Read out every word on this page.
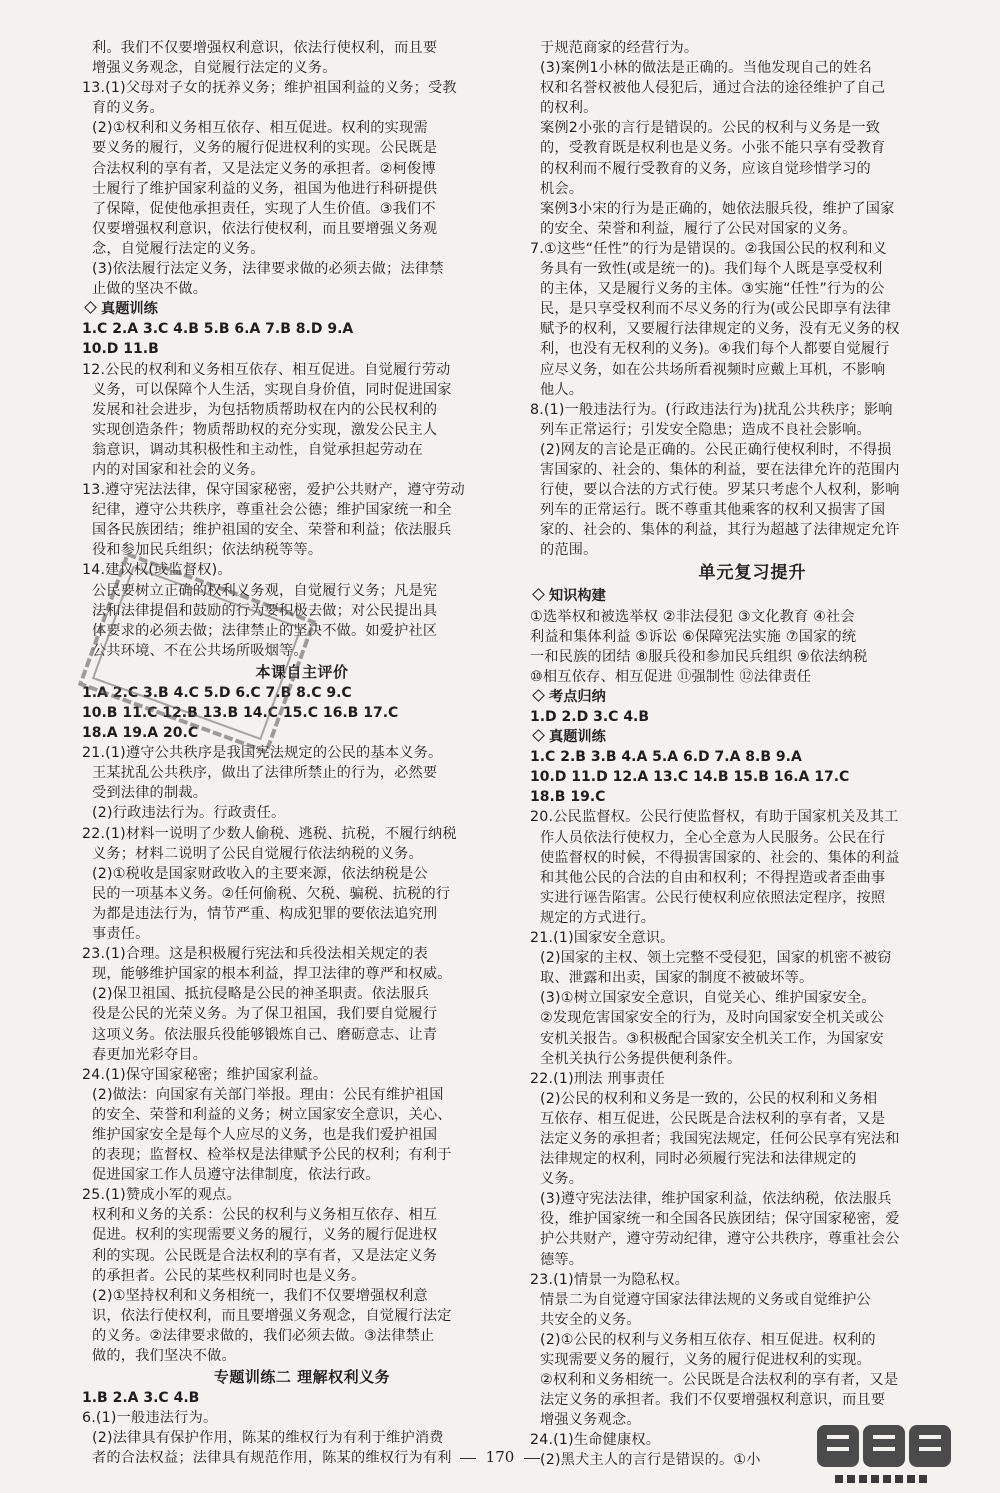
利。我们不仅要增强权利意识，依法行使权利，而且要
增强义务观念，自觉履行法定的义务。
13.(1)父母对子女的抚养义务；维护祖国利益的义务；受教
育的义务。
(2)①权利和义务相互依存、相互促进。权利的实现需
要义务的履行，义务的履行促进权利的实现。公民既是
合法权利的享有者，又是法定义务的承担者。②柯俊博
士履行了维护国家利益的义务，祖国为他进行科研提供
了保障，促使他承担责任，实现了人生价值。③我们不
仅要增强权利意识，依法行使权利，而且要增强义务观
念，自觉履行法定的义务。
(3)依法履行法定义务，法律要求做的必须去做；法律禁
止做的坚决不做。
真题训练
1.C 2.A 3.C 4.B 5.B 6.A 7.B 8.D 9.A
10.D 11.B
12.公民的权利和义务相互依存、相互促进。自觉履行劳动
义务，可以保障个人生活，实现自身价值，同时促进国家
发展和社会进步，为包括物质帮助权在内的公民权利的
实现创造条件；物质帮助权的充分实现，激发公民主人
翁意识，调动其积极性和主动性，自觉承担起劳动在
内的对国家和社会的义务。
13.遵守宪法法律，保守国家秘密，爱护公共财产，遵守劳动
纪律，遵守公共秩序，尊重社会公德；维护国家统一和全
国各民族团结；维护祖国的安全、荣誉和利益；依法服兵
役和参加民兵组织；依法纳税等等。
14.建议权(或监督权)。
公民要树立正确的权利义务观，自觉履行义务；凡是宪
法和法律提倡和鼓励的行为要积极去做；对公民提出具
体要求的必须去做；法律禁止的坚决不做。如爱护社区
公共环境、不在公共场所吸烟等。
本课自主评价
1.A 2.C 3.B 4.C 5.D 6.C 7.B 8.C 9.C
10.B 11.C 12.B 13.B 14.C 15.C 16.B 17.C
18.A 19.A 20.C
21.(1)遵守公共秩序是我国宪法规定的公民的基本义务。
王某扰乱公共秩序，做出了法律所禁止的行为，必然要
受到法律的制裁。
(2)行政违法行为。行政责任。
22.(1)材料一说明了少数人偷税、逃税、抗税，不履行纳税
义务；材料二说明了公民自觉履行依法纳税的义务。
(2)①税收是国家财政收入的主要来源，依法纳税是公
民的一项基本义务。②任何偷税、欠税、骗税、抗税的行
为都是违法行为，情节严重、构成犯罪的要依法追究刑
事责任。
23.(1)合理。这是积极履行宪法和兵役法相关规定的表
现，能够维护国家的根本利益，捍卫法律的尊严和权威。
(2)保卫祖国、抵抗侵略是公民的神圣职责。依法服兵
役是公民的光荣义务。为了保卫祖国，我们要自觉履行
这项义务。依法服兵役能够锻炼自己、磨砺意志、让青
春更加光彩夺目。
24.(1)保守国家秘密；维护国家利益。
(2)做法：向国家有关部门举报。理由：公民有维护祖国
的安全、荣誉和利益的义务；树立国家安全意识，关心、
维护国家安全是每个人应尽的义务，也是我们爱护祖国
的表现；监督权、检举权是法律赋予公民的权利；有利于
促进国家工作人员遵守法律制度，依法行政。
25.(1)赞成小军的观点。
权利和义务的关系：公民的权利与义务相互依存、相互
促进。权利的实现需要义务的履行，义务的履行促进权
利的实现。公民既是合法权利的享有者，又是法定义务
的承担者。公民的某些权利同时也是义务。
(2)①坚持权利和义务相统一，我们不仅要增强权利意
识，依法行使权利，而且要增强义务观念，自觉履行法定
的义务。②法律要求做的，我们必须去做。③法律禁止
做的，我们坚决不做。
专题训练二 理解权利义务
1.B 2.A 3.C 4.B
6.(1)一般违法行为。
(2)法律具有保护作用，陈某的维权行为有利于维护消费
者的合法权益；法律具有规范作用，陈某的维权行为有利
于规范商家的经营行为。
(3)案例1小林的做法是正确的。当他发现自己的姓名
权和名誉权被他人侵犯后，通过合法的途径维护了自己
的权利。
案例2小张的言行是错误的。公民的权利与义务是一致
的，受教育既是权利也是义务。小张不能只享有受教育
的权利而不履行受教育的义务，应该自觉珍惜学习的
机会。
案例3小宋的行为是正确的，她依法服兵役，维护了国家
的安全、荣誉和利益，履行了公民对国家的义务。
7.①这些“任性”的行为是错误的。②我国公民的权利和义
务具有一致性(或是统一的)。我们每个人既是享受权利
的主体，又是履行义务的主体。③实施“任性”行为的公
民，是只享受权利而不尽义务的行为(或公民即享有法律
赋予的权利，又要履行法律规定的义务，没有无义务的权
利，也没有无权利的义务)。④我们每个人都要自觉履行
应尽义务，如在公共场所看视频时应戴上耳机，不影响
他人。
8.(1)一般违法行为。(行政违法行为)扰乱公共秩序；影响
列车正常运行；引发安全隐患；造成不良社会影响。
(2)网友的言论是正确的。公民正确行使权利时，不得损
害国家的、社会的、集体的利益，要在法律允许的范围内
行使，要以合法的方式行使。罗某只考虑个人权利，影响
列车的正常运行。既不尊重其他乘客的权利又损害了国
家的、社会的、集体的利益，其行为超越了法律规定允许
的范围。
单元复习提升
知识构建
①选举权和被选举权 ②非法侵犯 ③文化教育 ④社会
利益和集体利益 ⑤诉讼 ⑥保障宪法实施 ⑦国家的统
一和民族的团结 ⑧服兵役和参加民兵组织 ⑨依法纳税
⑩相互依存、相互促进 ⑪强制性 ⑫法律责任
考点归纳
1.D 2.D 3.C 4.B
真题训练
1.C 2.B 3.B 4.A 5.A 6.D 7.A 8.B 9.A
10.D 11.D 12.A 13.C 14.B 15.B 16.A 17.C
18.B 19.C
20.公民监督权。公民行使监督权，有助于国家机关及其工
作人员依法行使权力，全心全意为人民服务。公民在行
使监督权的时候，不得损害国家的、社会的、集体的利益
和其他公民的合法的自由和权利；不得捏造或者歪曲事
实进行诬告陷害。公民行使权利应依照法定程序，按照
规定的方式进行。
21.(1)国家安全意识。
(2)国家的主权、领土完整不受侵犯，国家的机密不被窃
取、泄露和出卖，国家的制度不被破坏等。
(3)①树立国家安全意识，自觉关心、维护国家安全。
②发现危害国家安全的行为，及时向国家安全机关或公
安机关报告。③积极配合国家安全机关工作，为国家安
全机关执行公务提供便利条件。
22.(1)刑法 刑事责任
(2)公民的权利和义务是一致的，公民的权利和义务相
互依存、相互促进，公民既是合法权利的享有者，又是
法定义务的承担者；我国宪法规定，任何公民享有宪法和
法律规定的权利，同时必须履行宪法和法律规定的
义务。
(3)遵守宪法法律，维护国家利益，依法纳税，依法服兵
役，维护国家统一和全国各民族团结；保守国家秘密，爱
护公共财产，遵守劳动纪律，遵守公共秩序，尊重社会公
德等。
23.(1)情景一为隐私权。
情景二为自觉遵守国家法律法规的义务或自觉维护公
共安全的义务。
(2)①公民的权利与义务相互依存、相互促进。权利的
实现需要义务的履行，义务的履行促进权利的实现。
②权利和义务相统一。公民既是合法权利的享有者，又是
法定义务的承担者。我们不仅要增强权利意识，而且要
增强义务观念。
24.(1)生命健康权。
(2)黑犬主人的言行是错误的。①小
170
